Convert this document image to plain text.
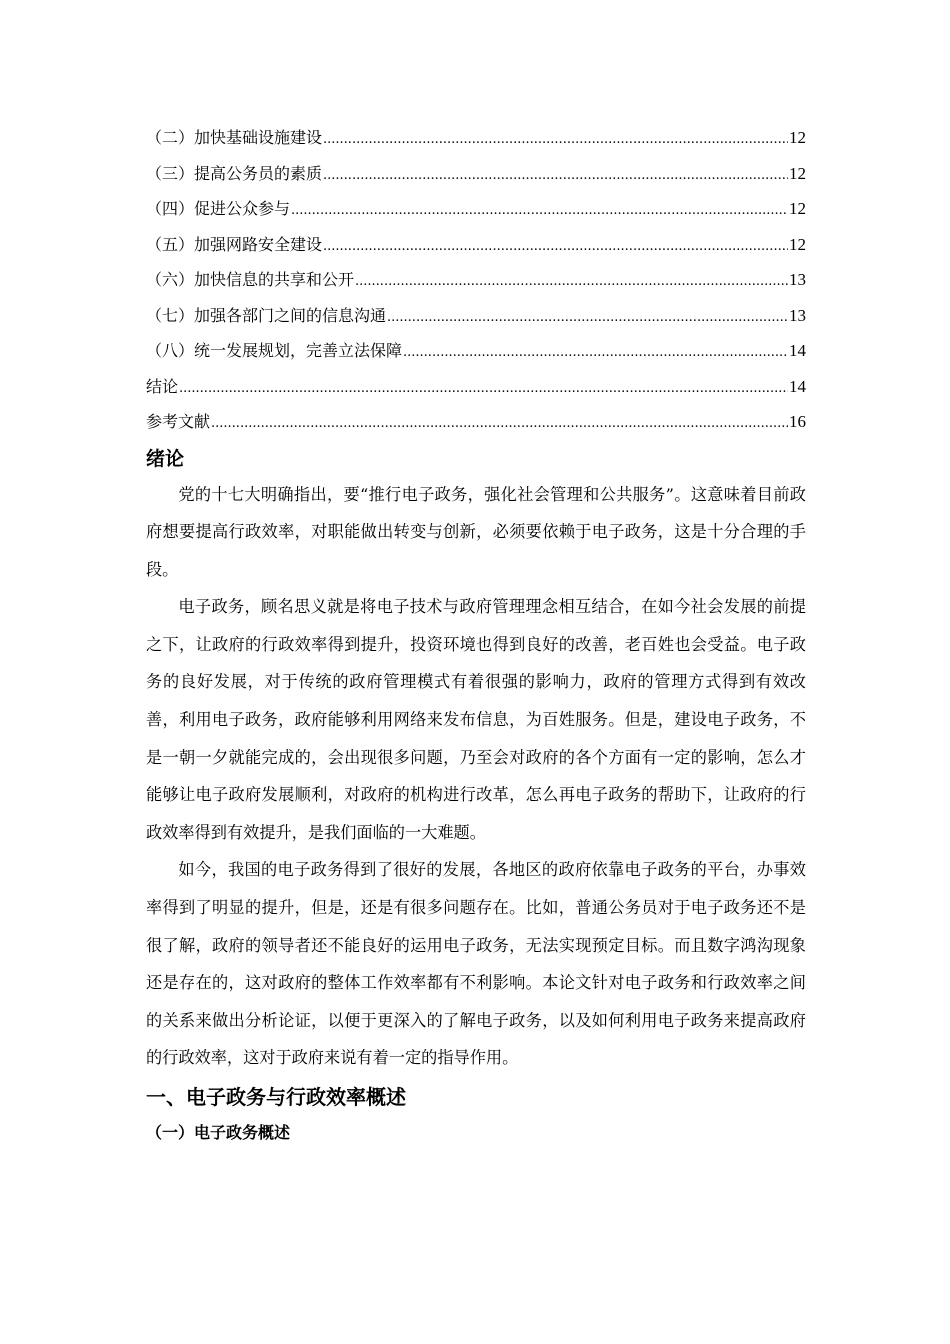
（二）加快基础设施建设 .....	12
（三）提高公务员的素质 .....	12
（四）促进公众参与 .....	12
（五）加强网路安全建设 .....	12
（六）加快信息的共享和公开 .....	13
（七）加强各部门之间的信息沟通 .....	13
（八）统一发展规划，完善立法保障 .....	14
结论 .....	14
参考文献 .....	16
绪论

党的十七大明确指出，要“推行电子政务，强化社会管理和公共服务”。这意味着目前政府想要提高行政效率，对职能做出转变与创新，必须要依赖于电子政务，这是十分合理的手段。

电子政务，顾名思义就是将电子技术与政府管理理念相互结合，在如今社会发展的前提之下，让政府的行政效率得到提升，投资环境也得到良好的改善，老百姓也会受益。电子政务的良好发展，对于传统的政府管理模式有着很强的影响力，政府的管理方式得到有效改善，利用电子政务，政府能够利用网络来发布信息，为百姓服务。但是，建设电子政务，不是一朝一夕就能完成的，会出现很多问题，乃至会对政府的各个方面有一定的影响，怎么才能够让电子政府发展顺利，对政府的机构进行改革，怎么再电子政务的帮助下，让政府的行政效率得到有效提升，是我们面临的一大难题。

如今，我国的电子政务得到了很好的发展，各地区的政府依靠电子政务的平台，办事效率得到了明显的提升，但是，还是有很多问题存在。比如，普通公务员对于电子政务还不是很了解，政府的领导者还不能良好的运用电子政务，无法实现预定目标。而且数字鸿沟现象还是存在的，这对政府的整体工作效率都有不利影响。本论文针对电子政务和行政效率之间的关系来做出分析论证，以便于更深入的了解电子政务，以及如何利用电子政务来提高政府的行政效率，这对于政府来说有着一定的指导作用。

一、电子政务与行政效率概述
（一）电子政务概述
